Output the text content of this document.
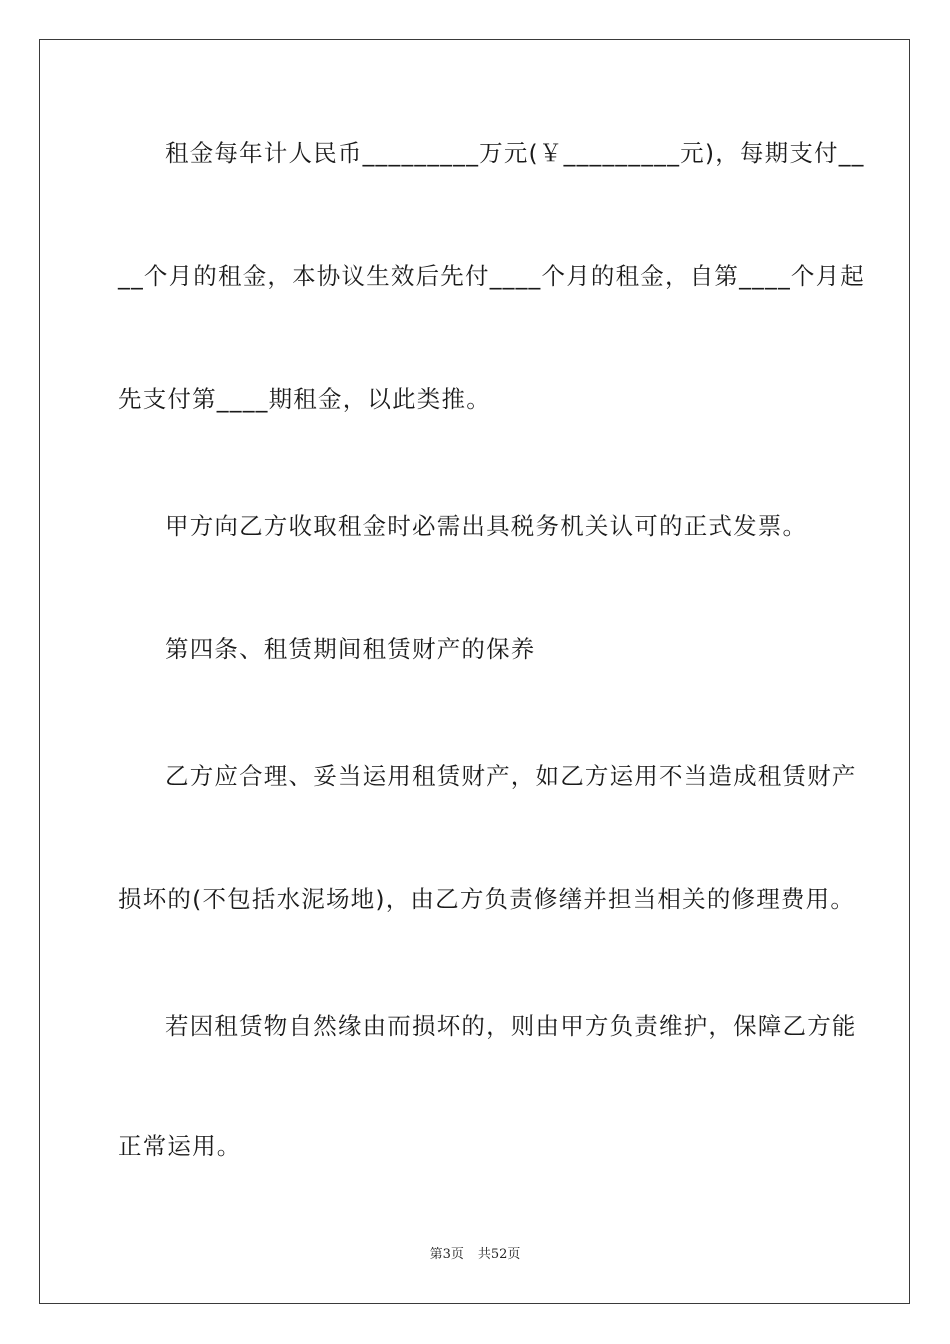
租金每年计人民币_________万元(￥_________元)，每期支付__
__个月的租金，本协议生效后先付____个月的租金，自第____个月起
先支付第____期租金，以此类推。
甲方向乙方收取租金时必需出具税务机关认可的正式发票。
第四条、租赁期间租赁财产的保养
乙方应合理、妥当运用租赁财产，如乙方运用不当造成租赁财产
损坏的(不包括水泥场地)，由乙方负责修缮并担当相关的修理费用。
若因租赁物自然缘由而损坏的，则由甲方负责维护，保障乙方能
正常运用。
第3页 共52页
